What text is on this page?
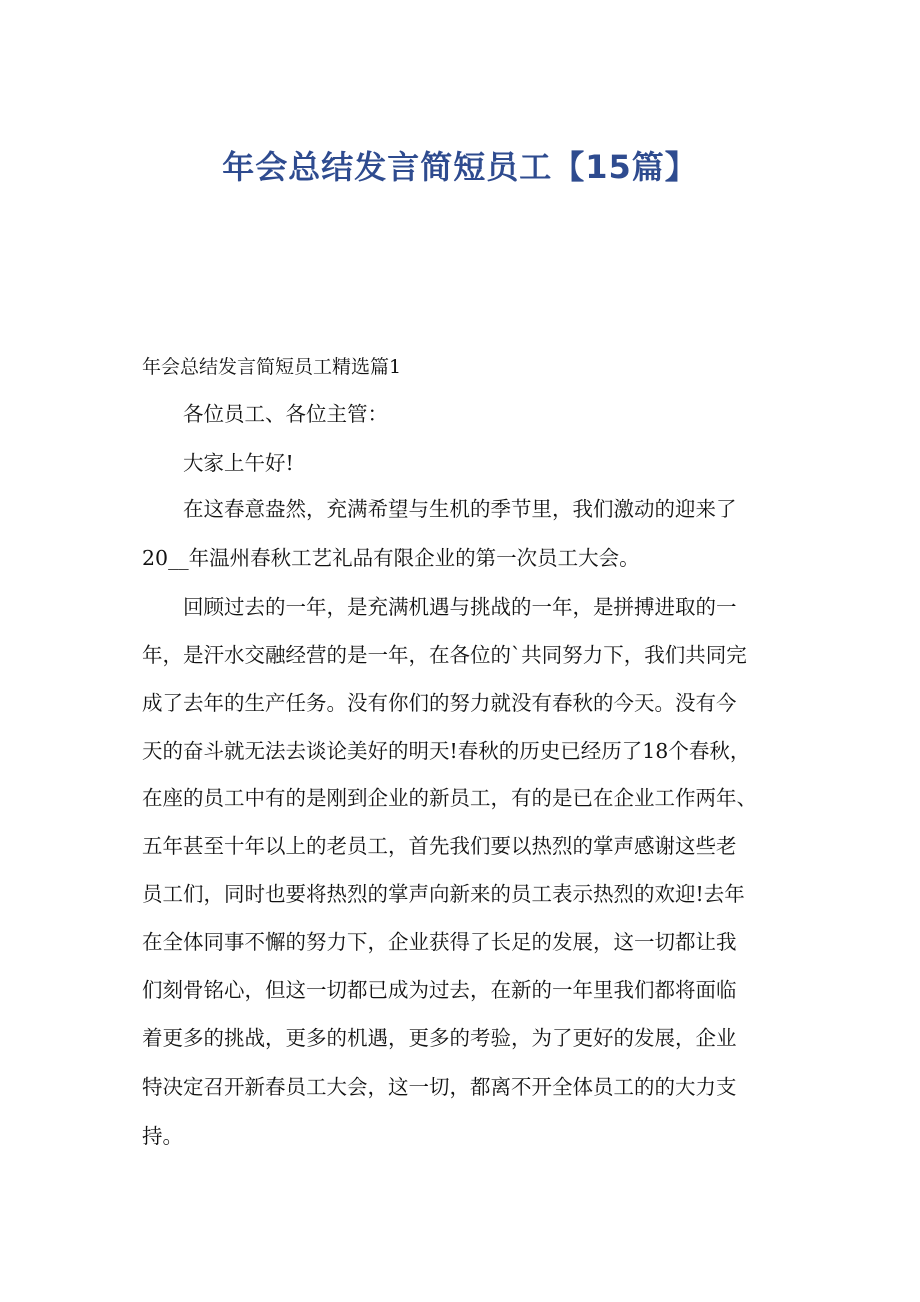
年会总结发言简短员工【15篇】

年会总结发言简短员工精选篇1

各位员工、各位主管：

大家上午好!

在这春意盎然，充满希望与生机的季节里，我们激动的迎来了

20__年温州春秋工艺礼品有限企业的第一次员工大会。

回顾过去的一年，是充满机遇与挑战的一年，是拼搏进取的一

年，是汗水交融经营的是一年，在各位的`共同努力下，我们共同完

成了去年的生产任务。没有你们的努力就没有春秋的今天。没有今

天的奋斗就无法去谈论美好的明天!春秋的历史已经历了18个春秋，

在座的员工中有的是刚到企业的新员工，有的是已在企业工作两年、

五年甚至十年以上的老员工，首先我们要以热烈的掌声感谢这些老

员工们，同时也要将热烈的掌声向新来的员工表示热烈的欢迎!去年

在全体同事不懈的努力下，企业获得了长足的发展，这一切都让我

们刻骨铭心，但这一切都已成为过去，在新的一年里我们都将面临

着更多的挑战，更多的机遇，更多的考验，为了更好的发展，企业

特决定召开新春员工大会，这一切，都离不开全体员工的的大力支

持。
